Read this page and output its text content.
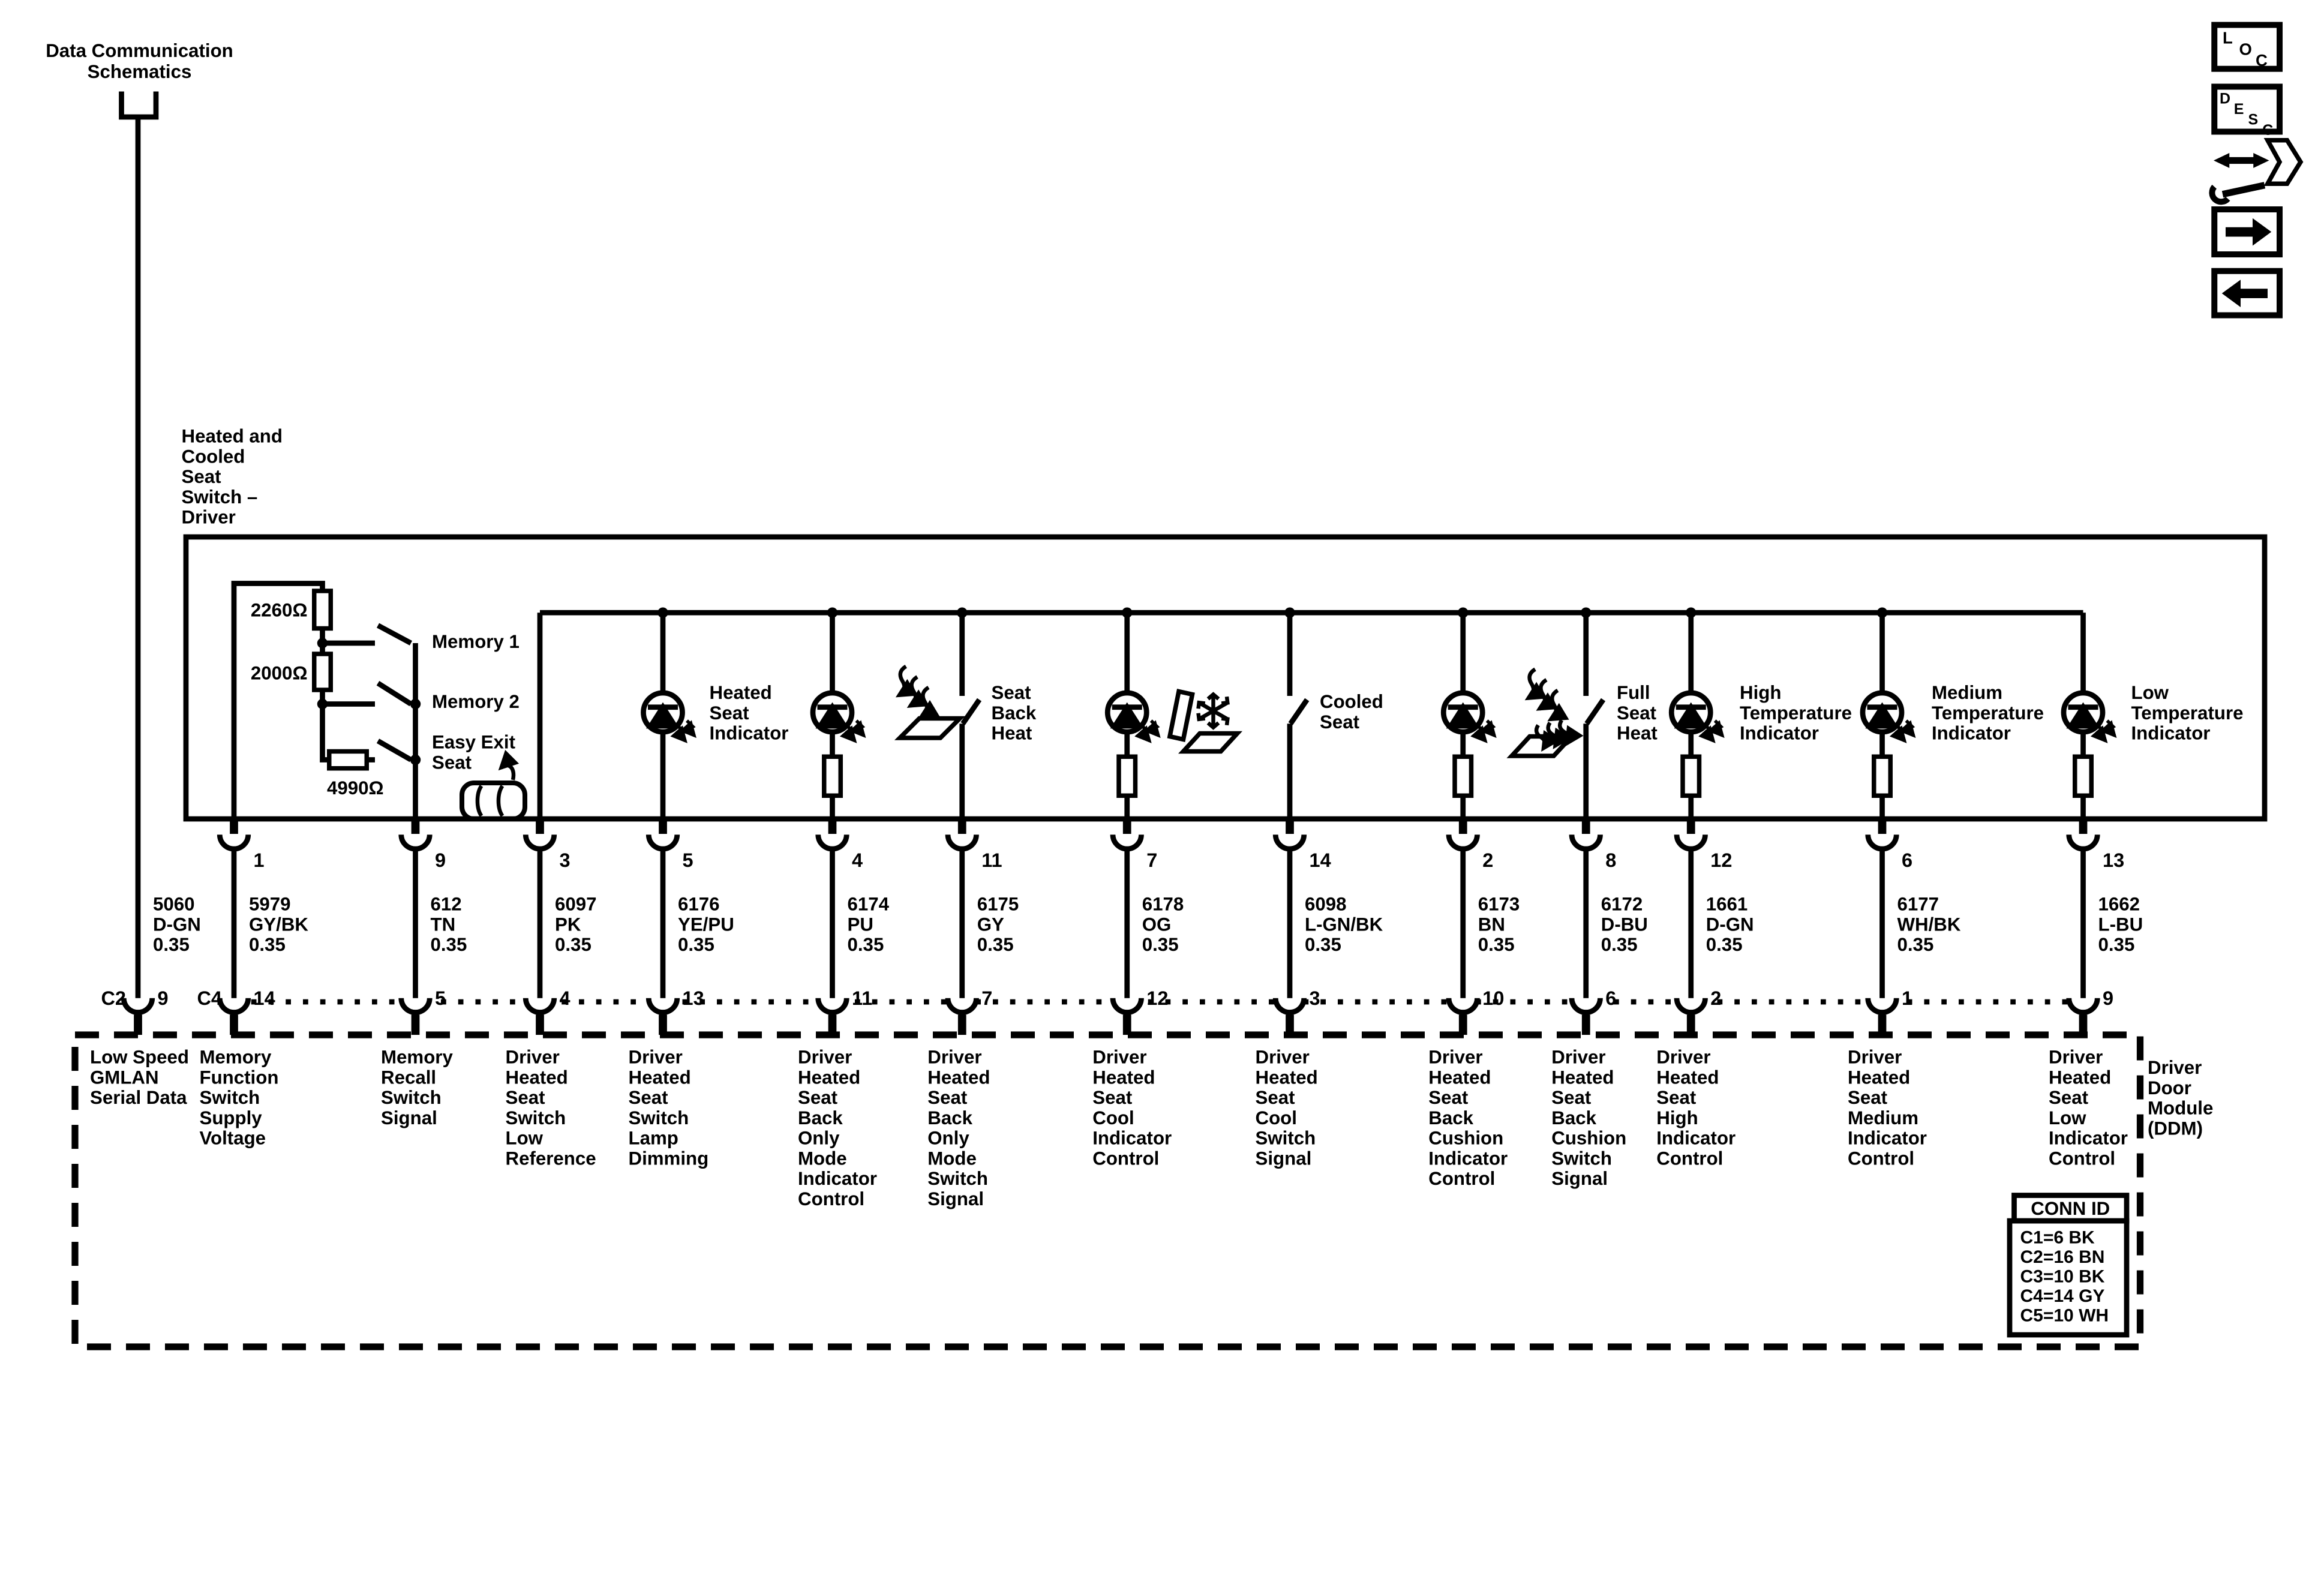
5060
D-GN
0.35
9
C2
Low Speed
GMLAN
Serial Data
1
5979
GY/BK
0.35
14
C4
Memory
Function
Switch
Supply
Voltage
9
612
TN
0.35
5
Memory
Recall
Switch
Signal
3
6097
PK
0.35
4
Driver
Heated
Seat
Switch
Low
Reference
5
6176
YE/PU
0.35
13
Driver
Heated
Seat
Switch
Lamp
Dimming
4
6174
PU
0.35
11
Driver
Heated
Seat
Back
Only
Mode
Indicator
Control
11
6175
GY
0.35
7
Driver
Heated
Seat
Back
Only
Mode
Switch
Signal
7
6178
OG
0.35
12
Driver
Heated
Seat
Cool
Indicator
Control
14
6098
L-GN/BK
0.35
3
Driver
Heated
Seat
Cool
Switch
Signal
2
6173
BN
0.35
10
Driver
Heated
Seat
Back
Cushion
Indicator
Control
8
6172
D-BU
0.35
6
Driver
Heated
Seat
Back
Cushion
Switch
Signal
12
1661
D-GN
0.35
2
Driver
Heated
Seat
High
Indicator
Control
6
6177
WH/BK
0.35
1
Driver
Heated
Seat
Medium
Indicator
Control
13
1662
L-BU
0.35
9
Driver
Heated
Seat
Low
Indicator
Control
Heated
Seat
Indicator
Seat
Back
Heat
Cooled
Seat
Full
Seat
Heat
High
Temperature
Indicator
Medium
Temperature
Indicator
Low
Temperature
Indicator
Data Communication
Schematics
Heated and
Cooled
Seat
Switch –
Driver
2260Ω
2000Ω
4990Ω
Memory 1
Memory 2
Easy Exit
Seat
Driver
Door
Module
(DDM)
CONN ID
C1=6 BK
C2=16 BN
C3=10 BK
C4=14 GY
C5=10 WH
L
O
C
D
E
S
C
